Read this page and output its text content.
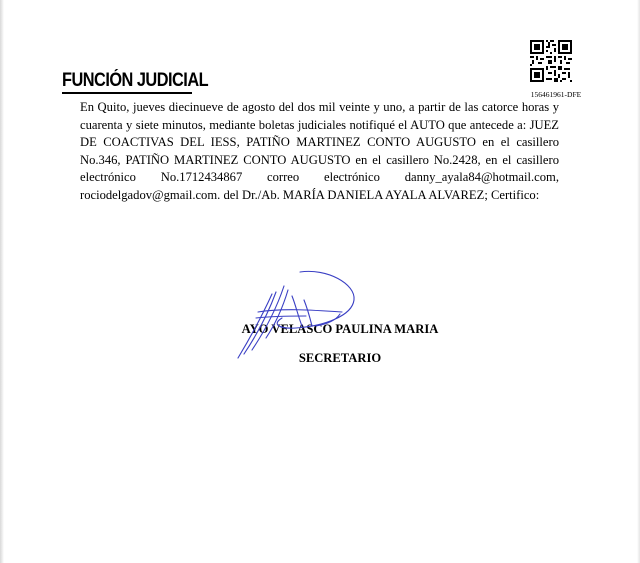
FUNCIÓN JUDICIAL
156461961-DFE
En Quito, jueves diecinueve de agosto del dos mil veinte y uno, a partir de las catorce horas y cuarenta y siete minutos, mediante boletas judiciales notifiqué el AUTO que antecede a: JUEZ DE COACTIVAS DEL IESS, PATIÑO MARTINEZ CONTO AUGUSTO en el casillero No.346, PATIÑO MARTINEZ CONTO AUGUSTO en el casillero No.2428, en el casillero electrónico No.1712434867 correo electrónico danny_ayala84@hotmail.com, rociodelgadov@gmail.com. del Dr./Ab. MARÍA DANIELA AYALA ALVAREZ; Certifico:
AYO VELASCO PAULINA MARIA
SECRETARIO
